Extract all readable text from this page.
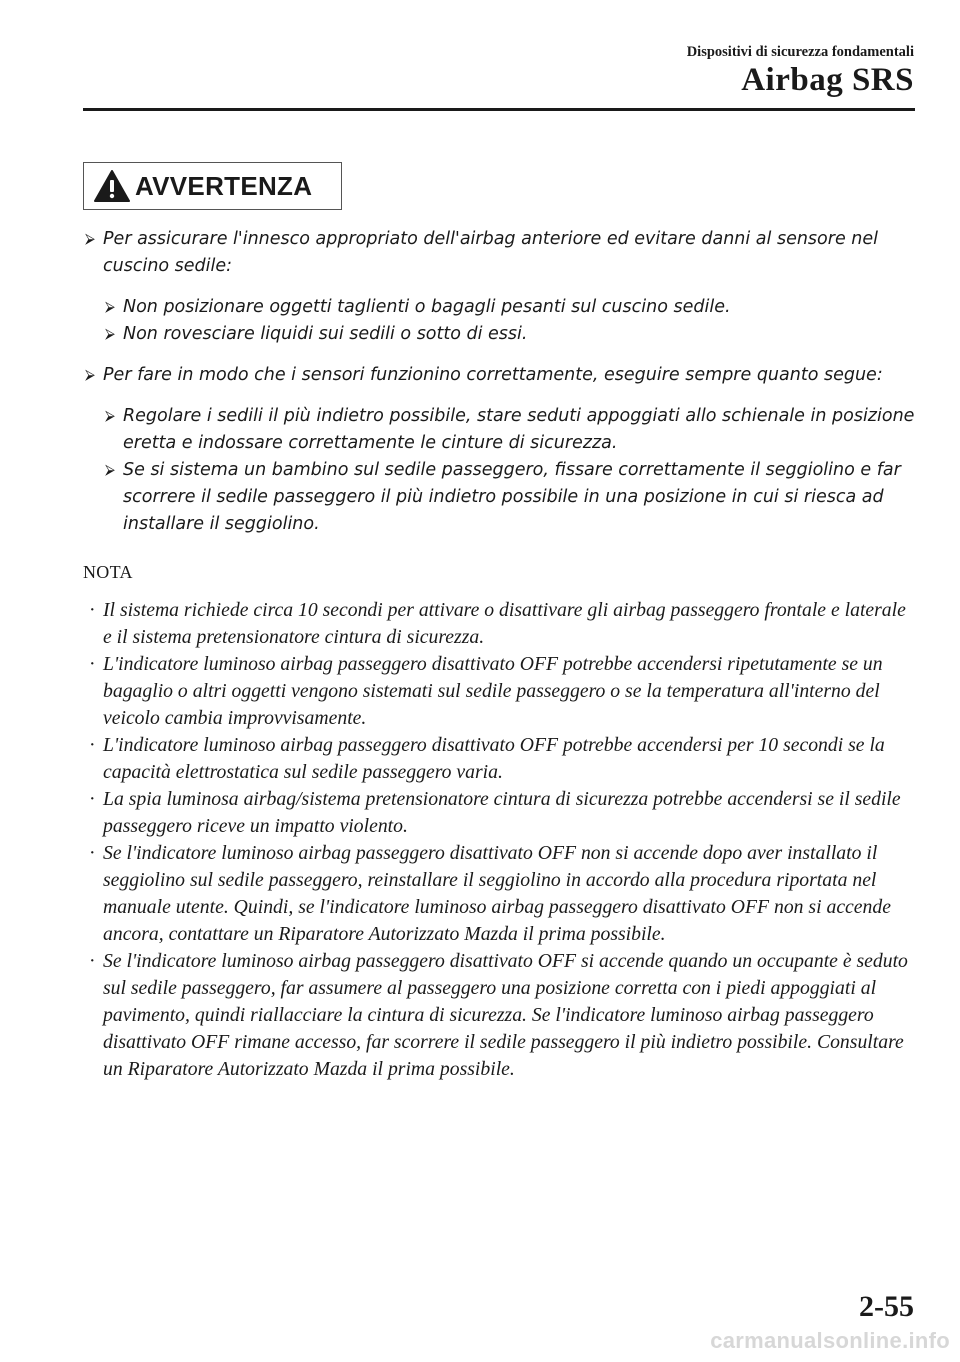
Dispositivi di sicurezza fondamentali
Airbag SRS
AVVERTENZA
⮚ Per assicurare l'innesco appropriato dell'airbag anteriore ed evitare danni al sensore nel cuscino sedile:
⮚ Non posizionare oggetti taglienti o bagagli pesanti sul cuscino sedile.
⮚ Non rovesciare liquidi sui sedili o sotto di essi.
⮚ Per fare in modo che i sensori funzionino correttamente, eseguire sempre quanto segue:
⮚ Regolare i sedili il più indietro possibile, stare seduti appoggiati allo schienale in posizione eretta e indossare correttamente le cinture di sicurezza.
⮚ Se si sistema un bambino sul sedile passeggero, fissare correttamente il seggiolino e far scorrere il sedile passeggero il più indietro possibile in una posizione in cui si riesca ad installare il seggiolino.
NOTA
· Il sistema richiede circa 10 secondi per attivare o disattivare gli airbag passeggero frontale e laterale e il sistema pretensionatore cintura di sicurezza.
· L'indicatore luminoso airbag passeggero disattivato OFF potrebbe accendersi ripetutamente se un bagaglio o altri oggetti vengono sistemati sul sedile passeggero o se la temperatura all'interno del veicolo cambia improvvisamente.
· L'indicatore luminoso airbag passeggero disattivato OFF potrebbe accendersi per 10 secondi se la capacità elettrostatica sul sedile passeggero varia.
· La spia luminosa airbag/sistema pretensionatore cintura di sicurezza potrebbe accendersi se il sedile passeggero riceve un impatto violento.
· Se l'indicatore luminoso airbag passeggero disattivato OFF non si accende dopo aver installato il seggiolino sul sedile passeggero, reinstallare il seggiolino in accordo alla procedura riportata nel manuale utente. Quindi, se l'indicatore luminoso airbag passeggero disattivato OFF non si accende ancora, contattare un Riparatore Autorizzato Mazda il prima possibile.
· Se l'indicatore luminoso airbag passeggero disattivato OFF si accende quando un occupante è seduto sul sedile passeggero, far assumere al passeggero una posizione corretta con i piedi appoggiati al pavimento, quindi riallacciare la cintura di sicurezza. Se l'indicatore luminoso airbag passeggero disattivato OFF rimane accesso, far scorrere il sedile passeggero il più indietro possibile. Consultare un Riparatore Autorizzato Mazda il prima possibile.
2-55
carmanualsonline.info
